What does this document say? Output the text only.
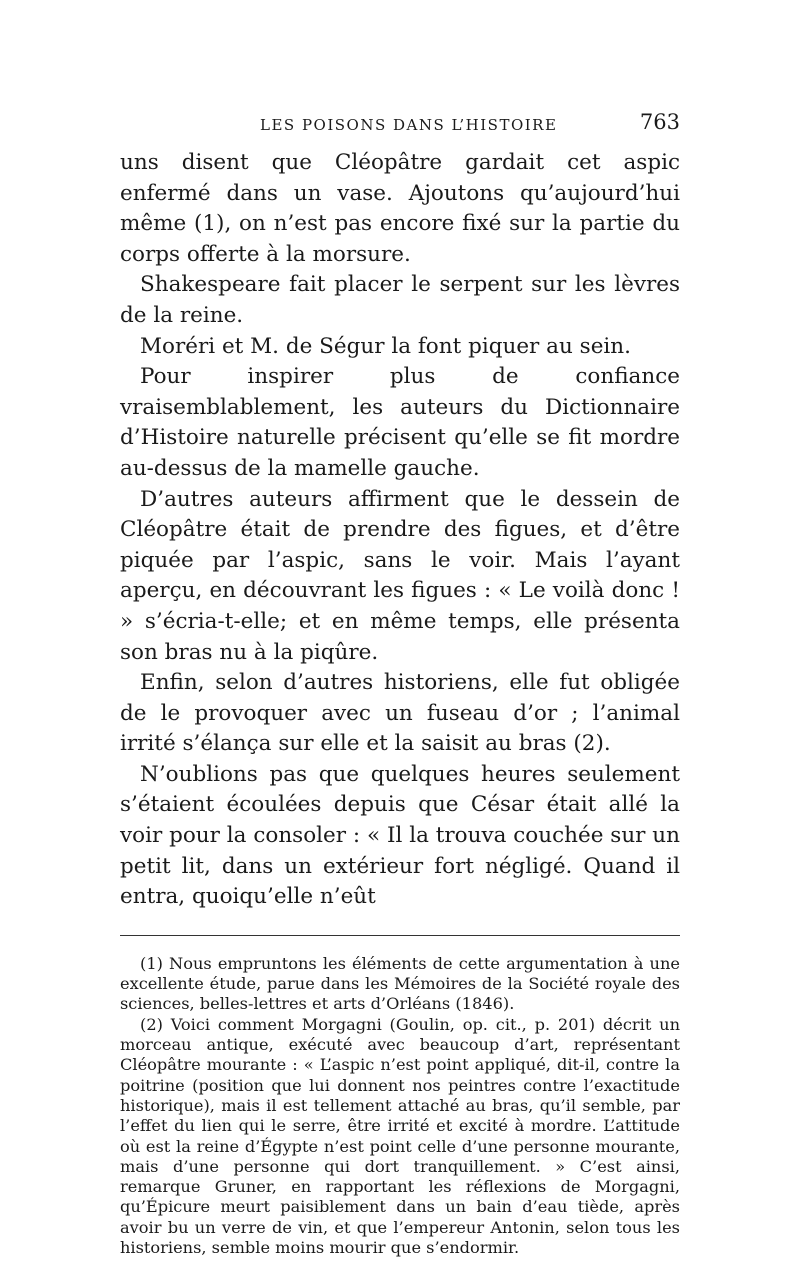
LES POISONS DANS L’HISTOIRE	763

uns disent que Cléopâtre gardait cet aspic enfermé dans un vase. Ajoutons qu’aujourd’hui même (1), on n’est pas encore fixé sur la partie du corps offerte à la morsure.

Shakespeare fait placer le serpent sur les lèvres de la reine.

Moréri et M. de Ségur la font piquer au sein.

Pour inspirer plus de confiance vraisemblablement, les auteurs du Dictionnaire d’Histoire naturelle précisent qu’elle se fit mordre au-dessus de la mamelle gauche.

D’autres auteurs affirment que le dessein de Cléopâtre était de prendre des figues, et d’être piquée par l’aspic, sans le voir. Mais l’ayant aperçu, en découvrant les figues : « Le voilà donc ! » s’écria-t-elle; et en même temps, elle présenta son bras nu à la piqûre.

Enfin, selon d’autres historiens, elle fut obligée de le provoquer avec un fuseau d’or ; l’animal irrité s’élança sur elle et la saisit au bras (2).

N’oublions pas que quelques heures seulement s’étaient écoulées depuis que César était allé la voir pour la consoler : « Il la trouva couchée sur un petit lit, dans un extérieur fort négligé. Quand il entra, quoiqu’elle n’eût

(1) Nous empruntons les éléments de cette argumentation à une excellente étude, parue dans les Mémoires de la Société royale des sciences, belles-lettres et arts d’Orléans (1846).

(2) Voici comment Morgagni (Goulin, op. cit., p. 201) décrit un morceau antique, exécuté avec beaucoup d’art, représentant Cléopâtre mourante : « L’aspic n’est point appliqué, dit-il, contre la poitrine (position que lui donnent nos peintres contre l’exactitude historique), mais il est tellement attaché au bras, qu’il semble, par l’effet du lien qui le serre, être irrité et excité à mordre. L’attitude où est la reine d’Égypte n’est point celle d’une personne mourante, mais d’une personne qui dort tranquillement. » C’est ainsi, remarque Gruner, en rapportant les réflexions de Morgagni, qu’Épicure meurt paisiblement dans un bain d’eau tiède, après avoir bu un verre de vin, et que l’empereur Antonin, selon tous les historiens, semble moins mourir que s’endormir.
